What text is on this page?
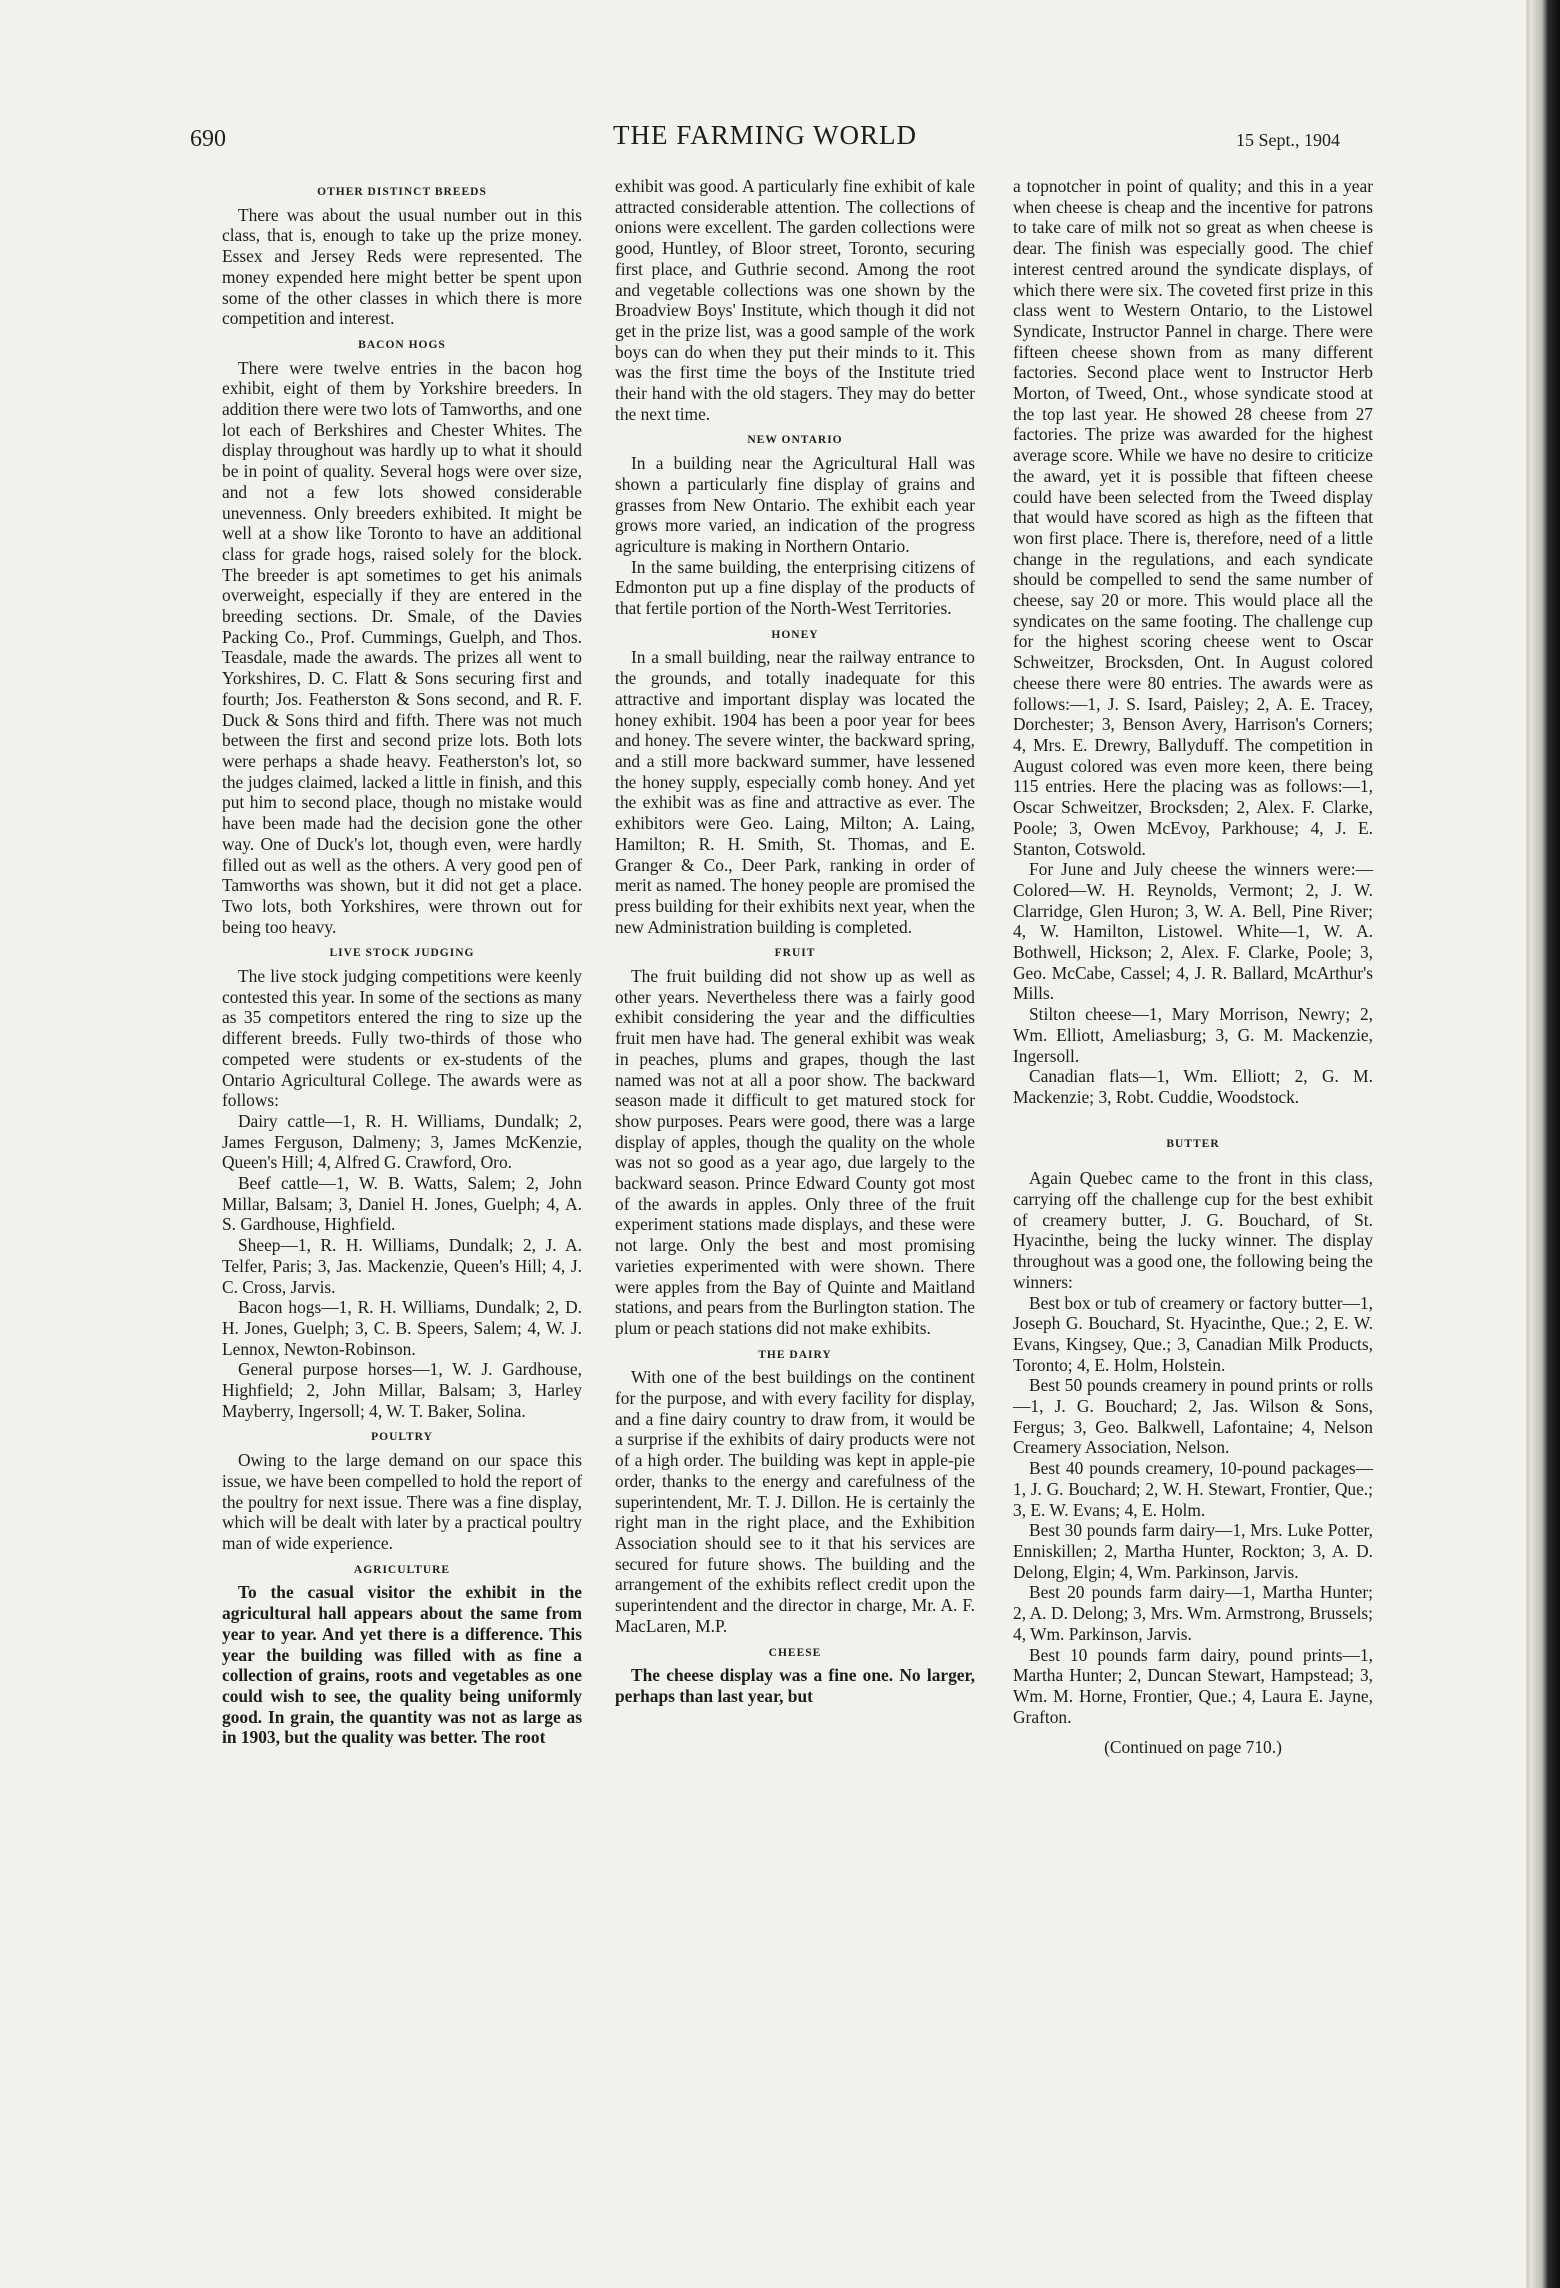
690	THE FARMING WORLD	15 Sept., 1904
OTHER DISTINCT BREEDS

There was about the usual number out in this class, that is, enough to take up the prize money. Essex and Jersey Reds were represented. The money expended here might better be spent upon some of the other classes in which there is more competition and interest.

BACON HOGS

There were twelve entries in the bacon hog exhibit, eight of them by Yorkshire breeders. In addition there were two lots of Tamworths, and one lot each of Berkshires and Chester Whites. The display throughout was hardly up to what it should be in point of quality. Several hogs were over size, and not a few lots showed considerable unevenness. Only breeders exhibited. It might be well at a show like Toronto to have an additional class for grade hogs, raised solely for the block. The breeder is apt sometimes to get his animals overweight, especially if they are entered in the breeding sections. Dr. Smale, of the Davies Packing Co., Prof. Cummings, Guelph, and Thos. Teasdale, made the awards. The prizes all went to Yorkshires, D. C. Flatt & Sons securing first and fourth; Jos. Featherston & Sons second, and R. F. Duck & Sons third and fifth. There was not much between the first and second prize lots. Both lots were perhaps a shade heavy. Featherston's lot, so the judges claimed, lacked a little in finish, and this put him to second place, though no mistake would have been made had the decision gone the other way. One of Duck's lot, though even, were hardly filled out as well as the others. A very good pen of Tamworths was shown, but it did not get a place. Two lots, both Yorkshires, were thrown out for being too heavy.

LIVE STOCK JUDGING

The live stock judging competitions were keenly contested this year. In some of the sections as many as 35 competitors entered the ring to size up the different breeds. Fully two-thirds of those who competed were students or ex-students of the Ontario Agricultural College. The awards were as follows:

Dairy cattle—1, R. H. Williams, Dundalk; 2, James Ferguson, Dalmeny; 3, James McKenzie, Queen's Hill; 4, Alfred G. Crawford, Oro.

Beef cattle—1, W. B. Watts, Salem; 2, John Millar, Balsam; 3, Daniel H. Jones, Guelph; 4, A. S. Gardhouse, Highfield.

Sheep—1, R. H. Williams, Dundalk; 2, J. A. Telfer, Paris; 3, Jas. Mackenzie, Queen's Hill; 4, J. C. Cross, Jarvis.

Bacon hogs—1, R. H. Williams, Dundalk; 2, D. H. Jones, Guelph; 3, C. B. Speers, Salem; 4, W. J. Lennox, Newton-Robinson.

General purpose horses—1, W. J. Gardhouse, Highfield; 2, John Millar, Balsam; 3, Harley Mayberry, Ingersoll; 4, W. T. Baker, Solina.

POULTRY

Owing to the large demand on our space this issue, we have been compelled to hold the report of the poultry for next issue. There was a fine display, which will be dealt with later by a practical poultry man of wide experience.

AGRICULTURE

To the casual visitor the exhibit in the agricultural hall appears about the same from year to year. And yet there is a difference. This year the building was filled with as fine a collection of grains, roots and vegetables as one could wish to see, the quality being uniformly good. In grain, the quantity was not as large as in 1903, but the quality was better. The root

exhibit was good. A particularly fine exhibit of kale attracted considerable attention. The collections of onions were excellent. The garden collections were good, Huntley, of Bloor street, Toronto, securing first place, and Guthrie second. Among the root and vegetable collections was one shown by the Broadview Boys' Institute, which though it did not get in the prize list, was a good sample of the work boys can do when they put their minds to it. This was the first time the boys of the Institute tried their hand with the old stagers. They may do better the next time.

NEW ONTARIO

In a building near the Agricultural Hall was shown a particularly fine display of grains and grasses from New Ontario. The exhibit each year grows more varied, an indication of the progress agriculture is making in Northern Ontario.

In the same building, the enterprising citizens of Edmonton put up a fine display of the products of that fertile portion of the North-West Territories.

HONEY

In a small building, near the railway entrance to the grounds, and totally inadequate for this attractive and important display was located the honey exhibit. 1904 has been a poor year for bees and honey. The severe winter, the backward spring, and a still more backward summer, have lessened the honey supply, especially comb honey. And yet the exhibit was as fine and attractive as ever. The exhibitors were Geo. Laing, Milton; A. Laing, Hamilton; R. H. Smith, St. Thomas, and E. Granger & Co., Deer Park, ranking in order of merit as named. The honey people are promised the press building for their exhibits next year, when the new Administration building is completed.

FRUIT

The fruit building did not show up as well as other years. Nevertheless there was a fairly good exhibit considering the year and the difficulties fruit men have had. The general exhibit was weak in peaches, plums and grapes, though the last named was not at all a poor show. The backward season made it difficult to get matured stock for show purposes. Pears were good, there was a large display of apples, though the quality on the whole was not so good as a year ago, due largely to the backward season. Prince Edward County got most of the awards in apples. Only three of the fruit experiment stations made displays, and these were not large. Only the best and most promising varieties experimented with were shown. There were apples from the Bay of Quinte and Maitland stations, and pears from the Burlington station. The plum or peach stations did not make exhibits.

THE DAIRY

With one of the best buildings on the continent for the purpose, and with every facility for display, and a fine dairy country to draw from, it would be a surprise if the exhibits of dairy products were not of a high order. The building was kept in apple-pie order, thanks to the energy and carefulness of the superintendent, Mr. T. J. Dillon. He is certainly the right man in the right place, and the Exhibition Association should see to it that his services are secured for future shows. The building and the arrangement of the exhibits reflect credit upon the superintendent and the director in charge, Mr. A. F. MacLaren, M.P.

CHEESE

The cheese display was a fine one. No larger, perhaps than last year, but

a topnotcher in point of quality; and this in a year when cheese is cheap and the incentive for patrons to take care of milk not so great as when cheese is dear. The finish was especially good. The chief interest centred around the syndicate displays, of which there were six. The coveted first prize in this class went to Western Ontario, to the Listowel Syndicate, Instructor Pannel in charge. There were fifteen cheese shown from as many different factories. Second place went to Instructor Herb Morton, of Tweed, Ont., whose syndicate stood at the top last year. He showed 28 cheese from 27 factories. The prize was awarded for the highest average score. While we have no desire to criticize the award, yet it is possible that fifteen cheese could have been selected from the Tweed display that would have scored as high as the fifteen that won first place. There is, therefore, need of a little change in the regulations, and each syndicate should be compelled to send the same number of cheese, say 20 or more. This would place all the syndicates on the same footing. The challenge cup for the highest scoring cheese went to Oscar Schweitzer, Brocksden, Ont. In August colored cheese there were 80 entries. The awards were as follows:—1, J. S. Isard, Paisley; 2, A. E. Tracey, Dorchester; 3, Benson Avery, Harrison's Corners; 4, Mrs. E. Drewry, Ballyduff. The competition in August colored was even more keen, there being 115 entries. Here the placing was as follows:—1, Oscar Schweitzer, Brocksden; 2, Alex. F. Clarke, Poole; 3, Owen McEvoy, Parkhouse; 4, J. E. Stanton, Cotswold.

For June and July cheese the winners were:—Colored—W. H. Reynolds, Vermont; 2, J. W. Clarridge, Glen Huron; 3, W. A. Bell, Pine River; 4, W. Hamilton, Listowel. White—1, W. A. Bothwell, Hickson; 2, Alex. F. Clarke, Poole; 3, Geo. McCabe, Cassel; 4, J. R. Ballard, McArthur's Mills.

Stilton cheese—1, Mary Morrison, Newry; 2, Wm. Elliott, Ameliasburg; 3, G. M. Mackenzie, Ingersoll.

Canadian flats—1, Wm. Elliott; 2, G. M. Mackenzie; 3, Robt. Cuddie, Woodstock.

BUTTER

Again Quebec came to the front in this class, carrying off the challenge cup for the best exhibit of creamery butter, J. G. Bouchard, of St. Hyacinthe, being the lucky winner. The display throughout was a good one, the following being the winners:

Best box or tub of creamery or factory butter—1, Joseph G. Bouchard, St. Hyacinthe, Que.; 2, E. W. Evans, Kingsey, Que.; 3, Canadian Milk Products, Toronto; 4, E. Holm, Holstein.

Best 50 pounds creamery in pound prints or rolls—1, J. G. Bouchard; 2, Jas. Wilson & Sons, Fergus; 3, Geo. Balkwell, Lafontaine; 4, Nelson Creamery Association, Nelson.

Best 40 pounds creamery, 10-pound packages—1, J. G. Bouchard; 2, W. H. Stewart, Frontier, Que.; 3, E. W. Evans; 4, E. Holm.

Best 30 pounds farm dairy—1, Mrs. Luke Potter, Enniskillen; 2, Martha Hunter, Rockton; 3, A. D. Delong, Elgin; 4, Wm. Parkinson, Jarvis.

Best 20 pounds farm dairy—1, Martha Hunter; 2, A. D. Delong; 3, Mrs. Wm. Armstrong, Brussels; 4, Wm. Parkinson, Jarvis.

Best 10 pounds farm dairy, pound prints—1, Martha Hunter; 2, Duncan Stewart, Hampstead; 3, Wm. M. Horne, Frontier, Que.; 4, Laura E. Jayne, Grafton.

(Continued on page 710.)
